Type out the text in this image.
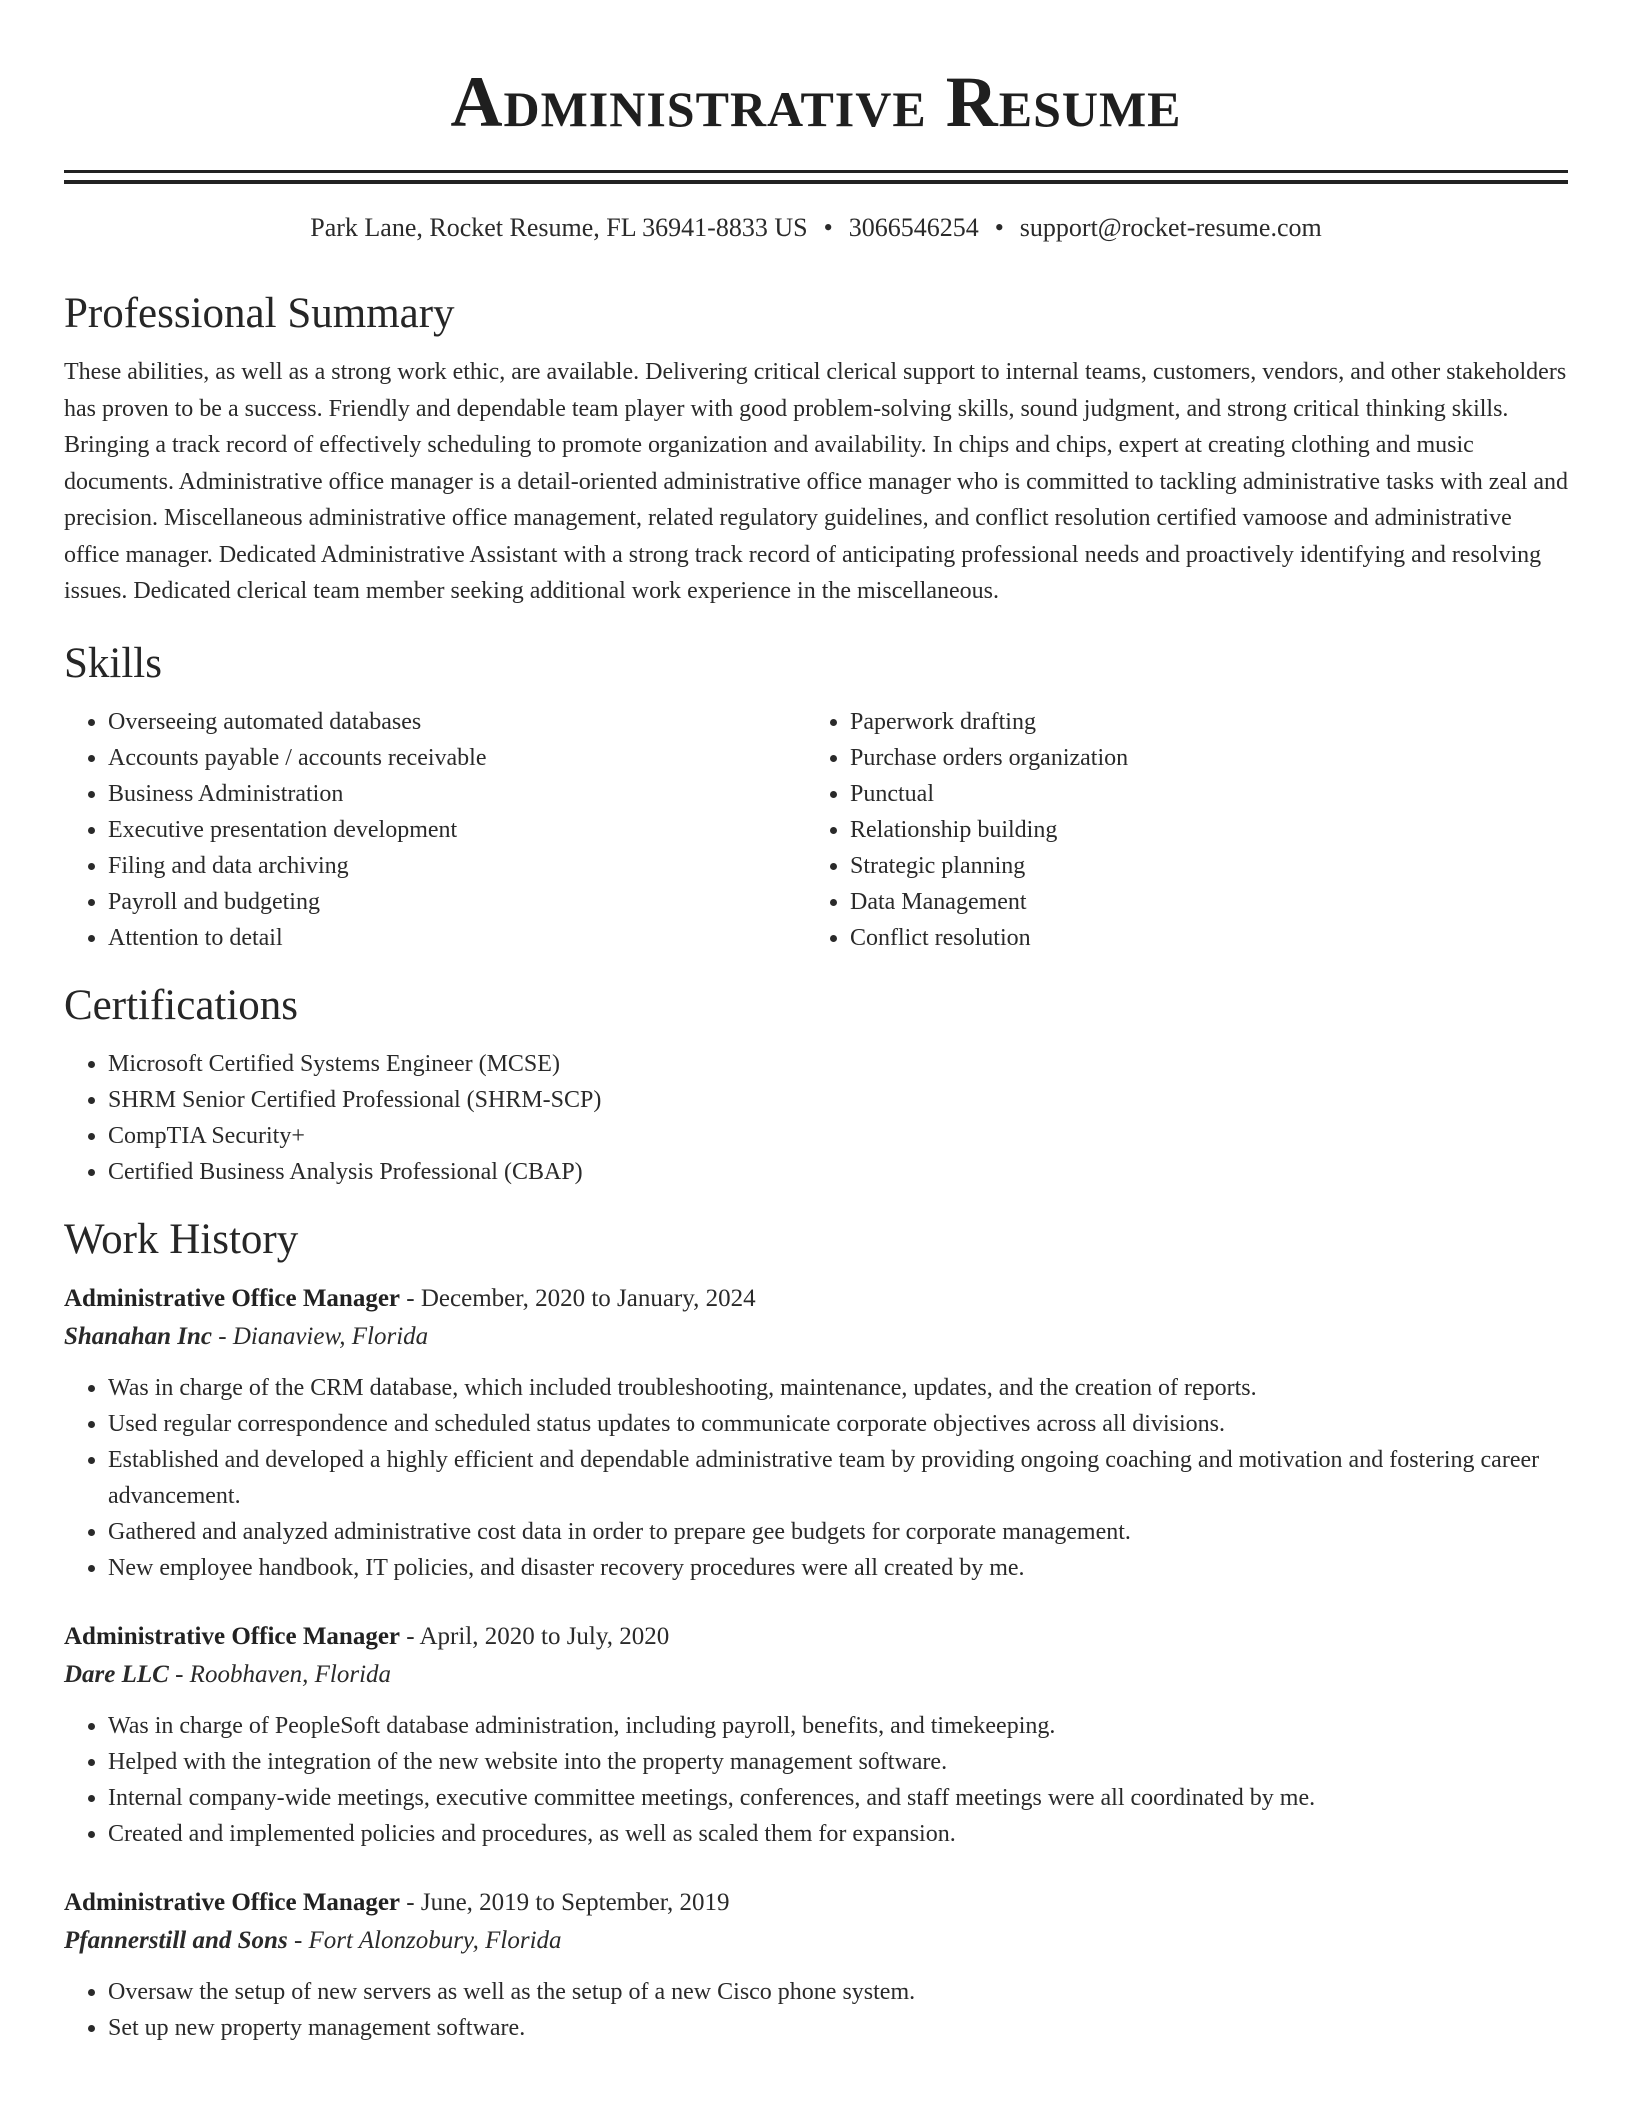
Administrative Resume
Park Lane, Rocket Resume, FL 36941-8833 US • 3066546254 • support@rocket-resume.com
Professional Summary

These abilities, as well as a strong work ethic, are available. Delivering critical clerical support to internal teams, customers, vendors, and other stakeholders has proven to be a success. Friendly and dependable team player with good problem-solving skills, sound judgment, and strong critical thinking skills. Bringing a track record of effectively scheduling to promote organization and availability. In chips and chips, expert at creating clothing and music documents. Administrative office manager is a detail-oriented administrative office manager who is committed to tackling administrative tasks with zeal and precision. Miscellaneous administrative office management, related regulatory guidelines, and conflict resolution certified vamoose and administrative office manager. Dedicated Administrative Assistant with a strong track record of anticipating professional needs and proactively identifying and resolving issues. Dedicated clerical team member seeking additional work experience in the miscellaneous.

Skills
• Overseeing automated databases
• Accounts payable / accounts receivable
• Business Administration
• Executive presentation development
• Filing and data archiving
• Payroll and budgeting
• Attention to detail
• Paperwork drafting
• Purchase orders organization
• Punctual
• Relationship building
• Strategic planning
• Data Management
• Conflict resolution
Certifications
• Microsoft Certified Systems Engineer (MCSE)
• SHRM Senior Certified Professional (SHRM-SCP)
• CompTIA Security+
• Certified Business Analysis Professional (CBAP)
Work History
Administrative Office Manager - December, 2020 to January, 2024
Shanahan Inc - Dianaview, Florida
• Was in charge of the CRM database, which included troubleshooting, maintenance, updates, and the creation of reports.
• Used regular correspondence and scheduled status updates to communicate corporate objectives across all divisions.
• Established and developed a highly efficient and dependable administrative team by providing ongoing coaching and motivation and fostering career advancement.
• Gathered and analyzed administrative cost data in order to prepare gee budgets for corporate management.
• New employee handbook, IT policies, and disaster recovery procedures were all created by me.
Administrative Office Manager - April, 2020 to July, 2020
Dare LLC - Roobhaven, Florida
• Was in charge of PeopleSoft database administration, including payroll, benefits, and timekeeping.
• Helped with the integration of the new website into the property management software.
• Internal company-wide meetings, executive committee meetings, conferences, and staff meetings were all coordinated by me.
• Created and implemented policies and procedures, as well as scaled them for expansion.
Administrative Office Manager - June, 2019 to September, 2019
Pfannerstill and Sons - Fort Alonzobury, Florida
• Oversaw the setup of new servers as well as the setup of a new Cisco phone system.
• Set up new property management software.
